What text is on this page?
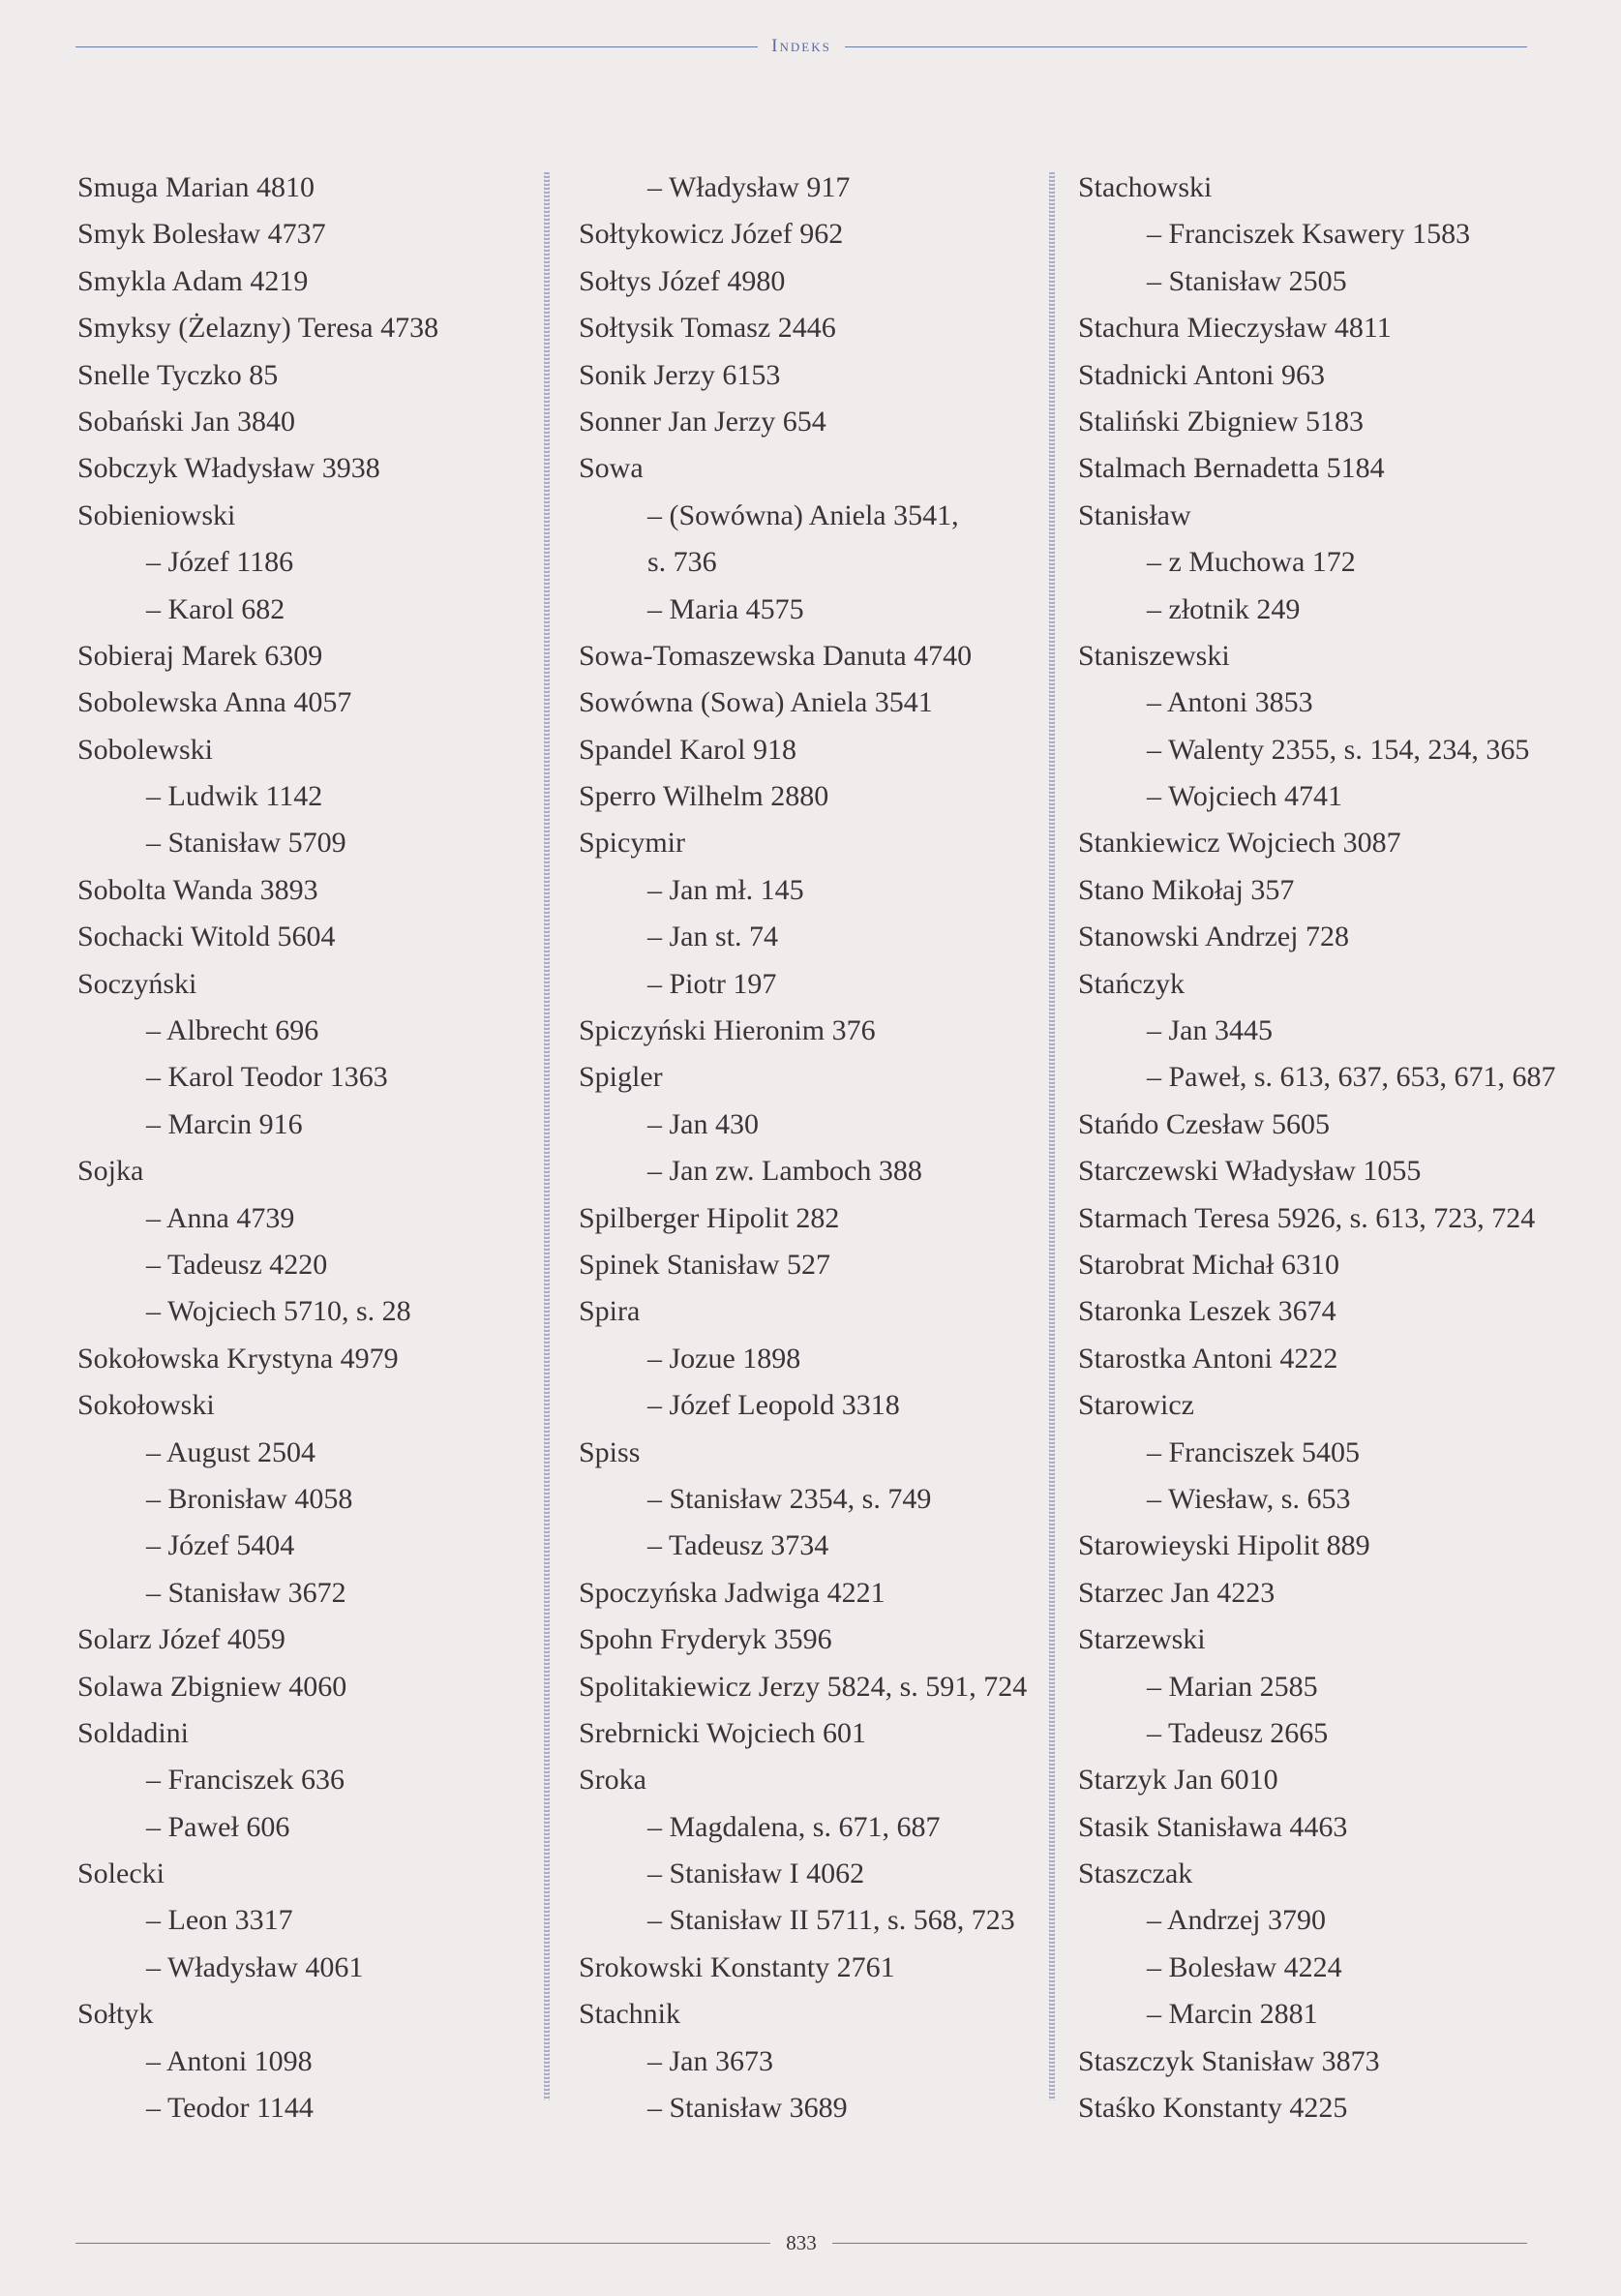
Indeks
Smuga Marian 4810
Smyk Bolesław 4737
Smykla Adam 4219
Smyksy (Żelazny) Teresa 4738
Snelle Tyczko 85
Sobański Jan 3840
Sobczyk Władysław 3938
Sobieniowski
– Józef 1186
– Karol 682
Sobieraj Marek 6309
Sobolewska Anna 4057
Sobolewski
– Ludwik 1142
– Stanisław 5709
Sobolta Wanda 3893
Sochacki Witold 5604
Soczyński
– Albrecht 696
– Karol Teodor 1363
– Marcin 916
Sojka
– Anna 4739
– Tadeusz 4220
– Wojciech 5710, s. 28
Sokołowska Krystyna 4979
Sokołowski
– August 2504
– Bronisław 4058
– Józef 5404
– Stanisław 3672
Solarz Józef 4059
Solawa Zbigniew 4060
Soldadini
– Franciszek 636
– Paweł 606
Solecki
– Leon 3317
– Władysław 4061
Sołtyk
– Antoni 1098
– Teodor 1144
– Władysław 917
Sołtykowicz Józef 962
Sołtys Józef 4980
Sołtysik Tomasz 2446
Sonik Jerzy 6153
Sonner Jan Jerzy 654
Sowa
– (Sowówna) Aniela 3541,
s. 736
– Maria 4575
Sowa-Tomaszewska Danuta 4740
Sowówna (Sowa) Aniela 3541
Spandel Karol 918
Sperro Wilhelm 2880
Spicymir
– Jan mł. 145
– Jan st. 74
– Piotr 197
Spiczyński Hieronim 376
Spigler
– Jan 430
– Jan zw. Lamboch 388
Spilberger Hipolit 282
Spinek Stanisław 527
Spira
– Jozue 1898
– Józef Leopold 3318
Spiss
– Stanisław 2354, s. 749
– Tadeusz 3734
Spoczyńska Jadwiga 4221
Spohn Fryderyk 3596
Spolitakiewicz Jerzy 5824, s. 591, 724
Srebrnicki Wojciech 601
Sroka
– Magdalena, s. 671, 687
– Stanisław I 4062
– Stanisław II 5711, s. 568, 723
Srokowski Konstanty 2761
Stachnik
– Jan 3673
– Stanisław 3689
Stachowski
– Franciszek Ksawery 1583
– Stanisław 2505
Stachura Mieczysław 4811
Stadnicki Antoni 963
Staliński Zbigniew 5183
Stalmach Bernadetta 5184
Stanisław
– z Muchowa 172
– złotnik 249
Staniszewski
– Antoni 3853
– Walenty 2355, s. 154, 234, 365
– Wojciech 4741
Stankiewicz Wojciech 3087
Stano Mikołaj 357
Stanowski Andrzej 728
Stańczyk
– Jan 3445
– Paweł, s. 613, 637, 653, 671, 687
Stańdo Czesław 5605
Starczewski Władysław 1055
Starmach Teresa 5926, s. 613, 723, 724
Starobrat Michał 6310
Staronka Leszek 3674
Starostka Antoni 4222
Starowicz
– Franciszek 5405
– Wiesław, s. 653
Starowieyski Hipolit 889
Starzec Jan 4223
Starzewski
– Marian 2585
– Tadeusz 2665
Starzyk Jan 6010
Stasik Stanisława 4463
Staszczak
– Andrzej 3790
– Bolesław 4224
– Marcin 2881
Staszczyk Stanisław 3873
Staśko Konstanty 4225
833
